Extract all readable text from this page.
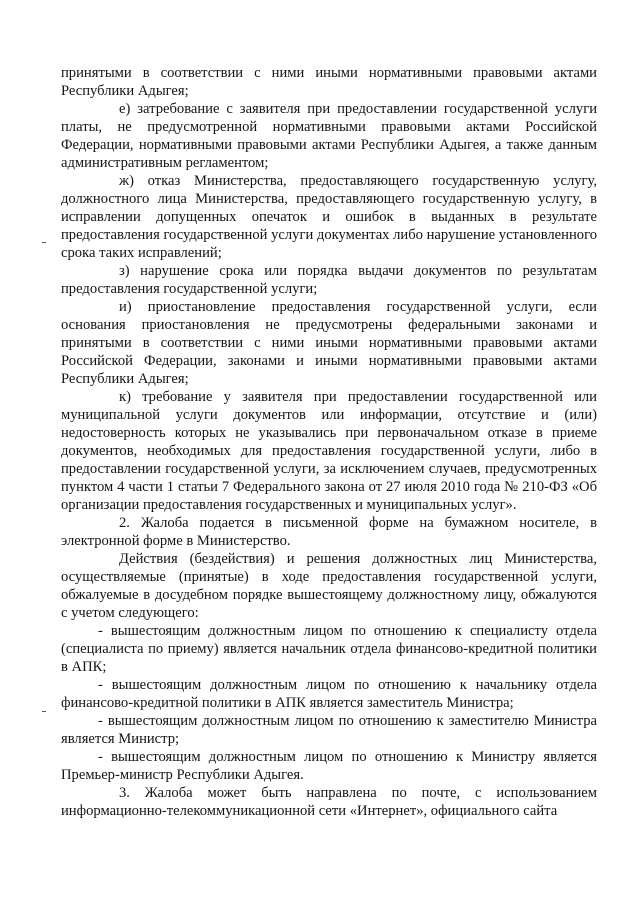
принятыми в соответствии с ними иными нормативными правовыми актами Республики Адыгея;

е) затребование с заявителя при предоставлении государственной услуги платы, не предусмотренной нормативными правовыми актами Российской Федерации, нормативными правовыми актами Республики Адыгея, а также данным административным регламентом;

ж) отказ Министерства, предоставляющего государственную услугу, должностного лица Министерства, предоставляющего государственную услугу, в исправлении допущенных опечаток и ошибок в выданных в результате предоставления государственной услуги документах либо нарушение установленного срока таких исправлений;

з) нарушение срока или порядка выдачи документов по результатам предоставления государственной услуги;

и) приостановление предоставления государственной услуги, если основания приостановления не предусмотрены федеральными законами и принятыми в соответствии с ними иными нормативными правовыми актами Российской Федерации, законами и иными нормативными правовыми актами Республики Адыгея;

к) требование у заявителя при предоставлении государственной или муниципальной услуги документов или информации, отсутствие и (или) недостоверность которых не указывались при первоначальном отказе в приеме документов, необходимых для предоставления государственной услуги, либо в предоставлении государственной услуги, за исключением случаев, предусмотренных пунктом 4 части 1 статьи 7 Федерального закона от 27 июля 2010 года № 210-ФЗ «Об организации предоставления государственных и муниципальных услуг».

2. Жалоба подается в письменной форме на бумажном носителе, в электронной форме в Министерство.

Действия (бездействия) и решения должностных лиц Министерства, осуществляемые (принятые) в ходе предоставления государственной услуги, обжалуемые в досудебном порядке вышестоящему должностному лицу, обжалуются с учетом следующего:

- вышестоящим должностным лицом по отношению к специалисту отдела (специалиста по приему) является начальник отдела финансово-кредитной политики в АПК;

- вышестоящим должностным лицом по отношению к начальнику отдела финансово-кредитной политики в АПК является заместитель Министра;

- вышестоящим должностным лицом по отношению к заместителю Министра является Министр;

- вышестоящим должностным лицом по отношению к Министру является Премьер-министр Республики Адыгея.

3. Жалоба может быть направлена по почте, с использованием информационно-телекоммуникационной сети «Интернет», официального сайта
